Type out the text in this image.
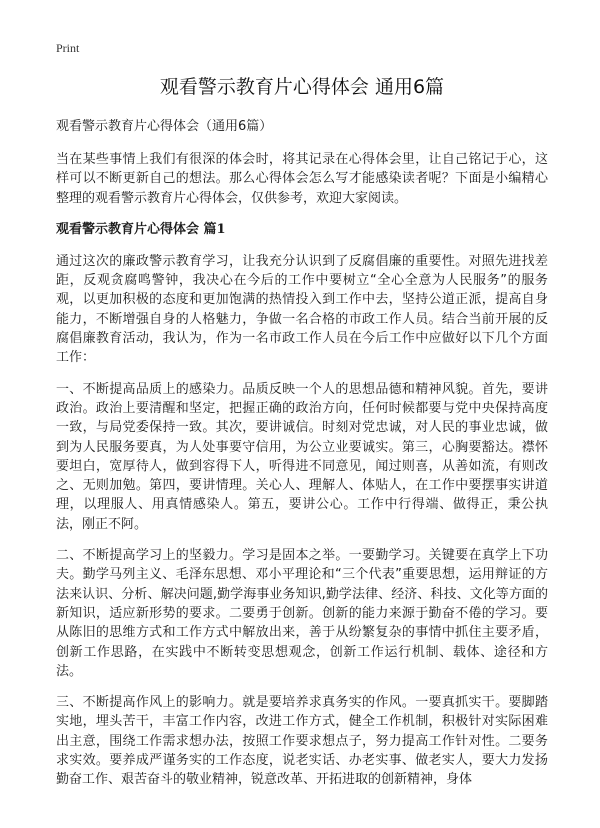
Print
观看警示教育片心得体会 通用6篇
观看警示教育片心得体会（通用6篇）

当在某些事情上我们有很深的体会时，将其记录在心得体会里，让自己铭记于心，这样可以不断更新自己的想法。那么心得体会怎么写才能感染读者呢？下面是小编精心整理的观看警示教育片心得体会，仅供参考，欢迎大家阅读。

观看警示教育片心得体会 篇1

通过这次的廉政警示教育学习，让我充分认识到了反腐倡廉的重要性。对照先进找差距，反观贪腐鸣警钟，我决心在今后的工作中要树立“全心全意为人民服务”的服务观，以更加积极的态度和更加饱满的热情投入到工作中去，坚持公道正派，提高自身能力，不断增强自身的人格魅力，争做一名合格的市政工作人员。结合当前开展的反腐倡廉教育活动，我认为，作为一名市政工作人员在今后工作中应做好以下几个方面工作：

一、不断提高品质上的感染力。品质反映一个人的思想品德和精神风貌。首先，要讲政治。政治上要清醒和坚定，把握正确的政治方向，任何时候都要与党中央保持高度一致，与局党委保持一致。其次，要讲诚信。时刻对党忠诚，对人民的事业忠诚，做到为人民服务要真，为人处事要守信用，为公立业要诚实。第三，心胸要豁达。襟怀要坦白，宽厚待人，做到容得下人，听得进不同意见，闻过则喜，从善如流，有则改之、无则加勉。第四，要讲情理。关心人、理解人、体贴人，在工作中要摆事实讲道理，以理服人、用真情感染人。第五，要讲公心。工作中行得端、做得正，秉公执法，刚正不阿。

二、不断提高学习上的坚毅力。学习是固本之举。一要勤学习。关键要在真学上下功夫。勤学马列主义、毛泽东思想、邓小平理论和“三个代表”重要思想，运用辩证的方法来认识、分析、解决问题,勤学海事业务知识,勤学法律、经济、科技、文化等方面的新知识，适应新形势的要求。二要勇于创新。创新的能力来源于勤奋不倦的学习。要从陈旧的思维方式和工作方式中解放出来，善于从纷繁复杂的事情中抓住主要矛盾，创新工作思路，在实践中不断转变思想观念，创新工作运行机制、载体、途径和方法。

三、不断提高作风上的影响力。就是要培养求真务实的作风。一要真抓实干。要脚踏实地，埋头苦干，丰富工作内容，改进工作方式，健全工作机制，积极针对实际困难出主意，围绕工作需求想办法，按照工作要求想点子，努力提高工作针对性。二要务求实效。要养成严谨务实的工作态度，说老实话、办老实事、做老实人，要大力发扬勤奋工作、艰苦奋斗的敬业精神，锐意改革、开拓进取的创新精神，身体
